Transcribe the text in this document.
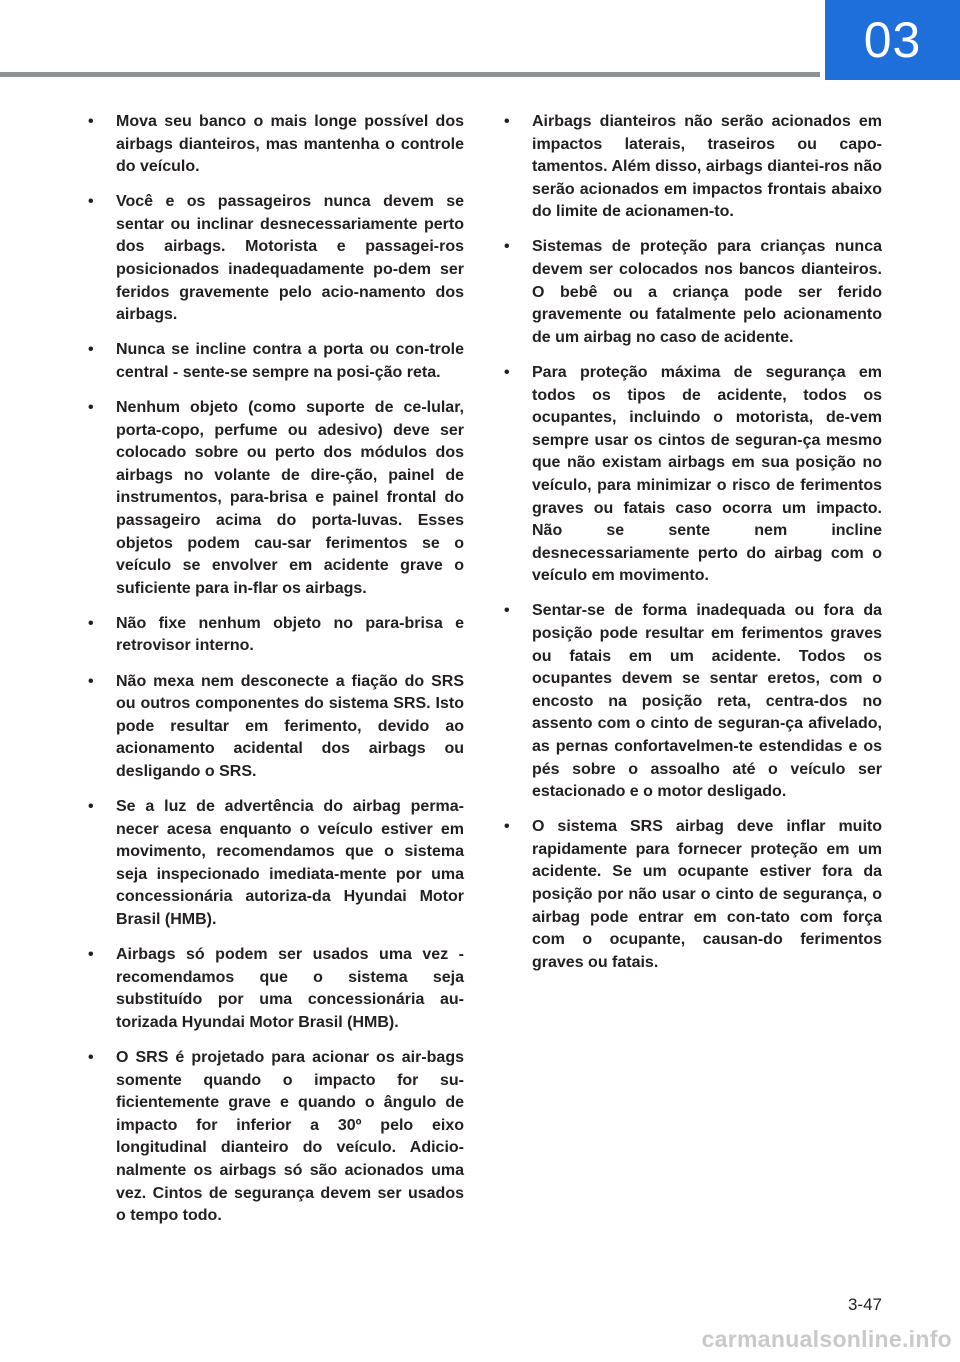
03
• Mova seu banco o mais longe possível dos airbags dianteiros, mas mantenha o controle do veículo.
• Você e os passageiros nunca devem se sentar ou inclinar desnecessariamente perto dos airbags. Motorista e passagei-ros posicionados inadequadamente po-dem ser feridos gravemente pelo acio-namento dos airbags.
• Nunca se incline contra a porta ou con-trole central - sente-se sempre na posi-ção reta.
• Nenhum objeto (como suporte de ce-lular, porta-copo, perfume ou adesivo) deve ser colocado sobre ou perto dos módulos dos airbags no volante de dire-ção, painel de instrumentos, para-brisa e painel frontal do passageiro acima do porta-luvas. Esses objetos podem cau-sar ferimentos se o veículo se envolver em acidente grave o suficiente para in-flar os airbags.
• Não fixe nenhum objeto no para-brisa e retrovisor interno.
• Não mexa nem desconecte a fiação do SRS ou outros componentes do sistema SRS. Isto pode resultar em ferimento, devido ao acionamento acidental dos airbags ou desligando o SRS.
• Se a luz de advertência do airbag perma-necer acesa enquanto o veículo estiver em movimento, recomendamos que o sistema seja inspecionado imediata-mente por uma concessionária autoriza-da Hyundai Motor Brasil (HMB).
• Airbags só podem ser usados uma vez - recomendamos que o sistema seja substituído por uma concessionária au-torizada Hyundai Motor Brasil (HMB).
• O SRS é projetado para acionar os air-bags somente quando o impacto for su-ficientemente grave e quando o ângulo de impacto for inferior a 30º pelo eixo longitudinal dianteiro do veículo. Adicio-nalmente os airbags só são acionados uma vez. Cintos de segurança devem ser usados o tempo todo.
• Airbags dianteiros não serão acionados em impactos laterais, traseiros ou capo-tamentos. Além disso, airbags diantei-ros não serão acionados em impactos frontais abaixo do limite de acionamen-to.
• Sistemas de proteção para crianças nunca devem ser colocados nos bancos dianteiros. O bebê ou a criança pode ser ferido gravemente ou fatalmente pelo acionamento de um airbag no caso de acidente.
• Para proteção máxima de segurança em todos os tipos de acidente, todos os ocupantes, incluindo o motorista, de-vem sempre usar os cintos de seguran-ça mesmo que não existam airbags em sua posição no veículo, para minimizar o risco de ferimentos graves ou fatais caso ocorra um impacto. Não se sente nem incline desnecessariamente perto do airbag com o veículo em movimento.
• Sentar-se de forma inadequada ou fora da posição pode resultar em ferimentos graves ou fatais em um acidente. Todos os ocupantes devem se sentar eretos, com o encosto na posição reta, centra-dos no assento com o cinto de seguran-ça afivelado, as pernas confortavelmen-te estendidas e os pés sobre o assoalho até o veículo ser estacionado e o motor desligado.
• O sistema SRS airbag deve inflar muito rapidamente para fornecer proteção em um acidente. Se um ocupante estiver fora da posição por não usar o cinto de segurança, o airbag pode entrar em con-tato com força com o ocupante, causan-do ferimentos graves ou fatais.
3-47
carmanualsonline.info
